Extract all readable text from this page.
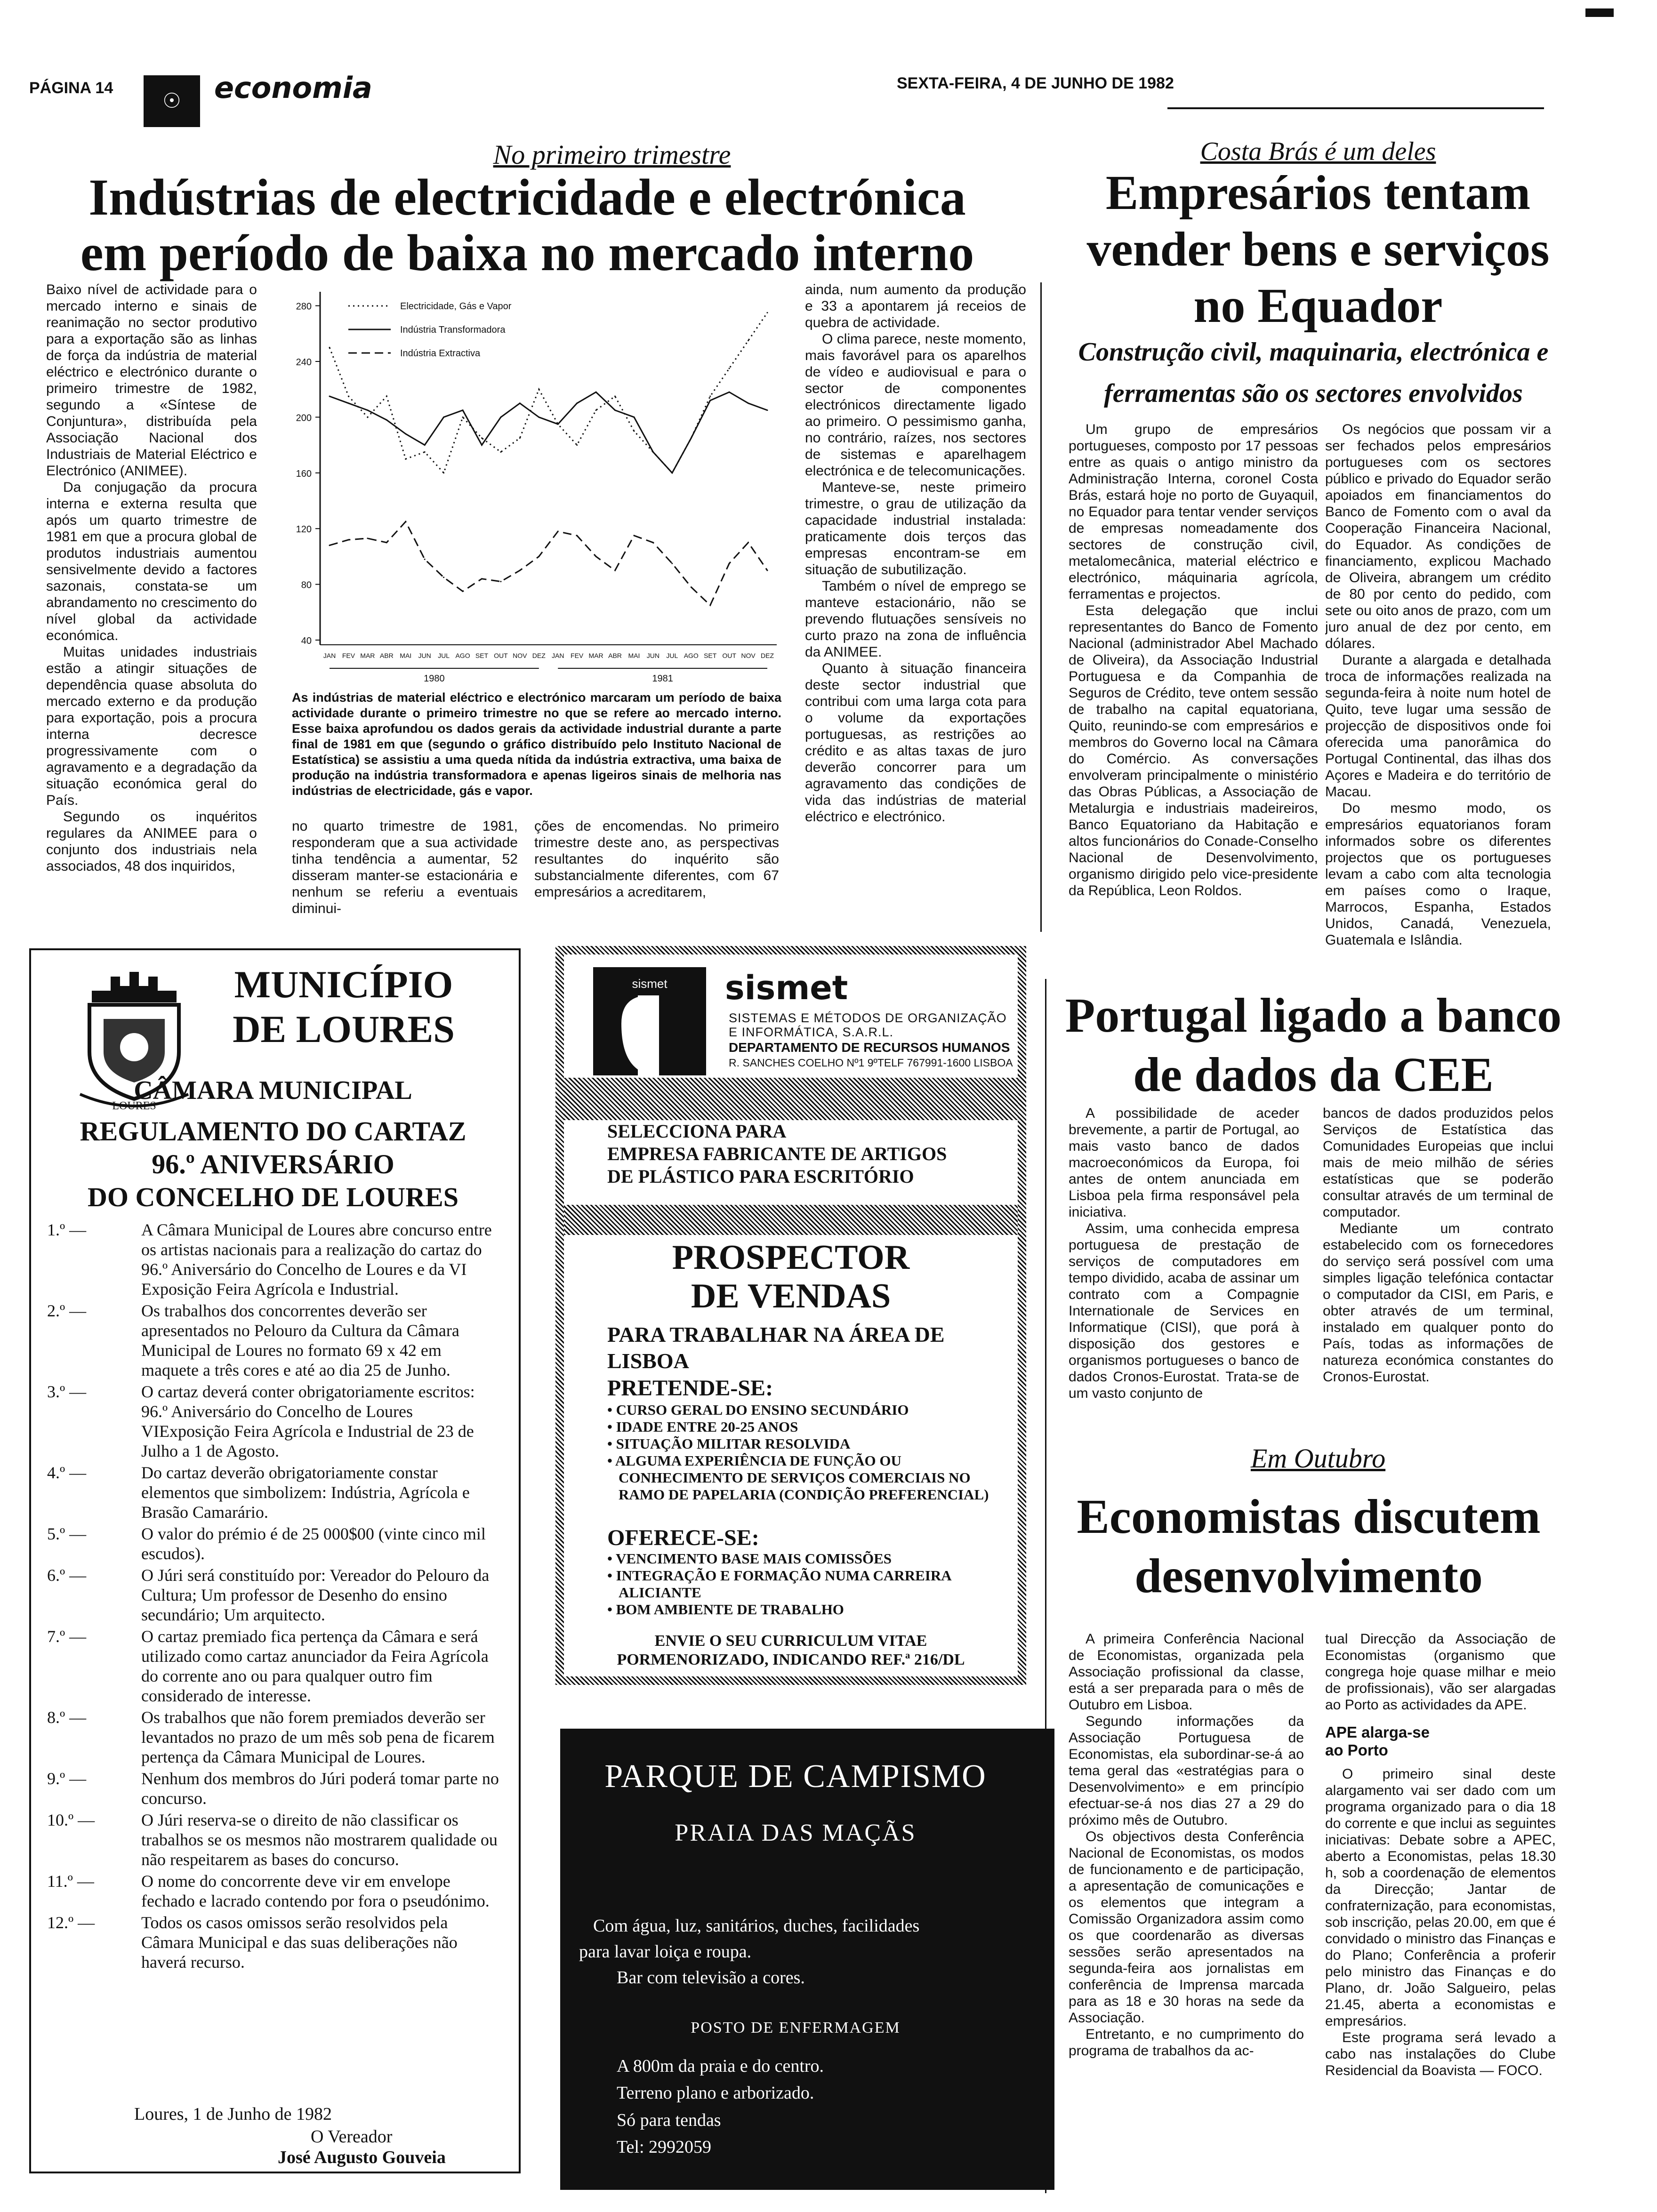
PÁGINA 14
☉	economia	SEXTA-FEIRA, 4 DE JUNHO DE 1982
No primeiro trimestre
Indústrias de electricidade e electrónica
em período de baixa no mercado interno

Baixo nível de actividade para o mercado interno e sinais de reanimação no sector produtivo para a exportação são as linhas de força da indústria de material eléctrico e electrónico durante o primeiro trimestre de 1982, segundo a «Síntese de Conjuntura», distribuída pela Associação Nacional dos Industriais de Material Eléctrico e Electrónico (ANIMEE).

Da conjugação da procura interna e externa resulta que após um quarto trimestre de 1981 em que a procura global de produtos industriais aumentou sensivelmente devido a factores sazonais, constata-se um abrandamento no crescimento do nível global da actividade económica.

Muitas unidades industriais estão a atingir situações de dependência quase absoluta do mercado externo e da produção para exportação, pois a procura interna decresce progressivamente com o agravamento e a degradação da situação económica geral do País.

Segundo os inquéritos regulares da ANIMEE para o conjunto dos industriais nela associados, 48 dos inquiridos,

40
80
120
160
200
240
280
JAN FEV MAR ABR MAI JUN JUL AGO SET OUT NOV DEZ JAN FEV MAR ABR MAI JUN JUL AGO SET OUT NOV DEZ
1980	1981
Electricidade, Gás e Vapor
Indústria Transformadora
Indústria Extractiva
As indústrias de material eléctrico e electrónico marcaram um período de baixa actividade durante o primeiro trimestre no que se refere ao mercado interno. Esse baixa aprofundou os dados gerais da actividade industrial durante a parte final de 1981 em que (segundo o gráfico distribuído pelo Instituto Nacional de Estatística) se assistiu a uma queda nítida da indústria extractiva, uma baixa de produção na indústria transformadora e apenas ligeiros sinais de melhoria nas indústrias de electricidade, gás e vapor.

no quarto trimestre de 1981, responderam que a sua actividade tinha tendência a aumentar, 52 disseram manter-se estacionária e nenhum se referiu a eventuais diminui-

ções de encomendas. No primeiro trimestre deste ano, as perspectivas resultantes do inquérito são substancialmente diferentes, com 67 empresários a acreditarem,

ainda, num aumento da produção e 33 a apontarem já receios de quebra de actividade.

O clima parece, neste momento, mais favorável para os aparelhos de vídeo e audiovisual e para o sector de componentes electrónicos directamente ligado ao primeiro. O pessimismo ganha, no contrário, raízes, nos sectores de sistemas e aparelhagem electrónica e de telecomunicações.

Manteve-se, neste primeiro trimestre, o grau de utilização da capacidade industrial instalada: praticamente dois terços das empresas encontram-se em situação de subutilização.

Também o nível de emprego se manteve estacionário, não se prevendo flutuações sensíveis no curto prazo na zona de influência da ANIMEE.

Quanto à situação financeira deste sector industrial que contribui com uma larga cota para o volume da exportações portuguesas, as restrições ao crédito e as altas taxas de juro deverão concorrer para um agravamento das condições de vida das indústrias de material eléctrico e electrónico.

Costa Brás é um deles
Empresários tentam vender bens e serviços no Equador
Construção civil, maquinaria, electrónica e ferramentas são os sectores envolvidos

Um grupo de empresários portugueses, composto por 17 pessoas entre as quais o antigo ministro da Administração Interna, coronel Costa Brás, estará hoje no porto de Guyaquil, no Equador para tentar vender serviços de empresas nomeadamente dos sectores de construção civil, metalomecânica, material eléctrico e electrónico, máquinaria agrícola, ferramentas e projectos.

Esta delegação que inclui representantes do Banco de Fomento Nacional (administrador Abel Machado de Oliveira), da Associação Industrial Portuguesa e da Companhia de Seguros de Crédito, teve ontem sessão de trabalho na capital equatoriana, Quito, reunindo-se com empresários e membros do Governo local na Câmara do Comércio. As conversações envolveram principalmente o ministério das Obras Públicas, a Associação de Metalurgia e industriais madeireiros, Banco Equatoriano da Habitação e altos funcionários do Conade-Conselho Nacional de Desenvolvimento, organismo dirigido pelo vice-presidente da República, Leon Roldos.

Os negócios que possam vir a ser fechados pelos empresários portugueses com os sectores público e privado do Equador serão apoiados em financiamentos do Banco de Fomento com o aval da Cooperação Financeira Nacional, do Equador. As condições de financiamento, explicou Machado de Oliveira, abrangem um crédito de 80 por cento do pedido, com sete ou oito anos de prazo, com um juro anual de dez por cento, em dólares.

Durante a alargada e detalhada troca de informações realizada na segunda-feira à noite num hotel de Quito, teve lugar uma sessão de projecção de dispositivos onde foi oferecida uma panorâmica do Portugal Continental, das ilhas dos Açores e Madeira e do território de Macau.

Do mesmo modo, os empresários equatorianos foram informados sobre os diferentes projectos que os portugueses levam a cabo com alta tecnologia em países como o Iraque, Marrocos, Espanha, Estados Unidos, Canadá, Venezuela, Guatemala e Islândia.

Portugal ligado a banco de dados da CEE

A possibilidade de aceder brevemente, a partir de Portugal, ao mais vasto banco de dados macroeconómicos da Europa, foi antes de ontem anunciada em Lisboa pela firma responsável pela iniciativa.

Assim, uma conhecida empresa portuguesa de prestação de serviços de computadores em tempo dividido, acaba de assinar um contrato com a Compagnie Internationale de Services en Informatique (CISI), que porá à disposição dos gestores e organismos portugueses o banco de dados Cronos-Eurostat. Trata-se de um vasto conjunto de

bancos de dados produzidos pelos Serviços de Estatística das Comunidades Europeias que inclui mais de meio milhão de séries estatísticas que se poderão consultar através de um terminal de computador.

Mediante um contrato estabelecido com os fornecedores do serviço será possível com uma simples ligação telefónica contactar o computador da CISI, em Paris, e obter através de um terminal, instalado em qualquer ponto do País, todas as informações de natureza económica constantes do Cronos-Eurostat.

Em Outubro
Economistas discutem desenvolvimento

A primeira Conferência Nacional de Economistas, organizada pela Associação profissional da classe, está a ser preparada para o mês de Outubro em Lisboa.

Segundo informações da Associação Portuguesa de Economistas, ela subordinar-se-á ao tema geral das «estratégias para o Desenvolvimento» e em princípio efectuar-se-á nos dias 27 a 29 do próximo mês de Outubro.

Os objectivos desta Conferência Nacional de Economistas, os modos de funcionamento e de participação, a apresentação de comunicações e os elementos que integram a Comissão Organizadora assim como os que coordenarão as diversas sessões serão apresentados na segunda-feira aos jornalistas em conferência de Imprensa marcada para as 18 e 30 horas na sede da Associação.

Entretanto, e no cumprimento do programa de trabalhos da ac-

tual Direcção da Associação de Economistas (organismo que congrega hoje quase milhar e meio de profissionais), vão ser alargadas ao Porto as actividades da APE.

APE alarga-se ao Porto

O primeiro sinal deste alargamento vai ser dado com um programa organizado para o dia 18 do corrente e que inclui as seguintes iniciativas: Debate sobre a APEC, aberto a Economistas, pelas 18.30 h, sob a coordenação de elementos da Direcção; Jantar de confraternização, para economistas, sob inscrição, pelas 20.00, em que é convidado o ministro das Finanças e do Plano; Conferência a proferir pelo ministro das Finanças e do Plano, dr. João Salgueiro, pelas 21.45, aberta a economistas e empresários.

Este programa será levado a cabo nas instalações do Clube Residencial da Boavista — FOCO.

LOURES
MUNICÍPIO
DE LOURES
CÂMARA MUNICIPAL
REGULAMENTO DO CARTAZ
96.º ANIVERSÁRIO
DO CONCELHO DE LOURES
1.º —	A Câmara Municipal de Loures abre concurso entre os artistas nacionais para a realização do cartaz do 96.º Aniversário do Concelho de Loures e da VI Exposição Feira Agrícola e Industrial.
2.º —	Os trabalhos dos concorrentes deverão ser apresentados no Pelouro da Cultura da Câmara Municipal de Loures no formato 69 x 42 em maquete a três cores e até ao dia 25 de Junho.
3.º —	O cartaz deverá conter obrigatoriamente escritos: 96.º Aniversário do Concelho de Loures VIExposição Feira Agrícola e Industrial de 23 de Julho a 1 de Agosto.
4.º —	Do cartaz deverão obrigatoriamente constar elementos que simbolizem: Indústria, Agrícola e Brasão Camarário.
5.º —	O valor do prémio é de 25 000$00 (vinte cinco mil escudos).
6.º —	O Júri será constituído por: Vereador do Pelouro da Cultura; Um professor de Desenho do ensino secundário; Um arquitecto.
7.º —	O cartaz premiado fica pertença da Câmara e será utilizado como cartaz anunciador da Feira Agrícola do corrente ano ou para qualquer outro fim considerado de interesse.
8.º —	Os trabalhos que não forem premiados deverão ser levantados no prazo de um mês sob pena de ficarem pertença da Câmara Municipal de Loures.
9.º —	Nenhum dos membros do Júri poderá tomar parte no concurso.
10.º —	O Júri reserva-se o direito de não classificar os trabalhos se os mesmos não mostrarem qualidade ou não respeitarem as bases do concurso.
11.º —	O nome do concorrente deve vir em envelope fechado e lacrado contendo por fora o pseudónimo.
12.º —	Todos os casos omissos serão resolvidos pela Câmara Municipal e das suas deliberações não haverá recurso.
Loures, 1 de Junho de 1982
O Vereador
José Augusto Gouveia
sismet sismet
SISTEMAS E MÉTODOS DE ORGANIZAÇÃO
E INFORMÁTICA, S.A.R.L.
DEPARTAMENTO DE RECURSOS HUMANOS
R. SANCHES COELHO Nº1 9ºTELF 767991-1600 LISBOA
SELECCIONA PARA
EMPRESA FABRICANTE DE ARTIGOS
DE PLÁSTICO PARA ESCRITÓRIO
PROSPECTOR
DE VENDAS
PARA TRABALHAR NA ÁREA DE LISBOA
PRETENDE-SE:
• CURSO GERAL DO ENSINO SECUNDÁRIO
• IDADE ENTRE 20-25 ANOS
• SITUAÇÃO MILITAR RESOLVIDA
• ALGUMA EXPERIÊNCIA DE FUNÇÃO OU CONHECIMENTO DE SERVIÇOS COMERCIAIS NO RAMO DE PAPELARIA (CONDIÇÃO PREFERENCIAL)
OFERECE-SE:
• VENCIMENTO BASE MAIS COMISSÕES
• INTEGRAÇÃO E FORMAÇÃO NUMA CARREIRA ALICIANTE
• BOM AMBIENTE DE TRABALHO
ENVIE O SEU CURRICULUM VITAE
PORMENORIZADO, INDICANDO REF.ª 216/DL
PARQUE DE CAMPISMO
PRAIA DAS MAÇÃS
Com água, luz, sanitários, duches, facilidades
para lavar loiça e roupa.
Bar com televisão a cores.
POSTO DE ENFERMAGEM
A 800m da praia e do centro.
Terreno plano e arborizado.
Só para tendas
Tel: 2992059
